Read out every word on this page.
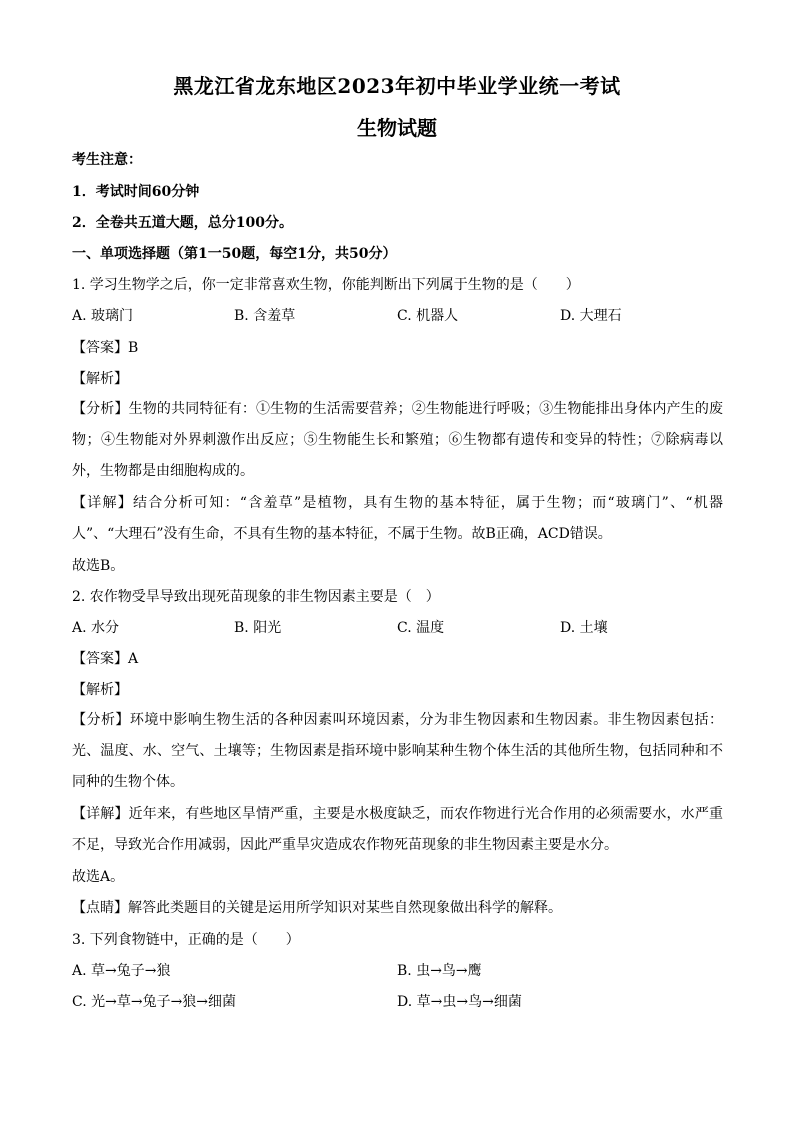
黑龙江省龙东地区2023年初中毕业学业统一考试
生物试题
考生注意：
1．考试时间60分钟
2．全卷共五道大题，总分100分。
一、单项选择题（第1一50题，每空1分，共50分）
1. 学习生物学之后，你一定非常喜欢生物，你能判断出下列属于生物的是（　　）
A. 玻璃门	B. 含羞草	C. 机器人	D. 大理石
【答案】B
【解析】
【分析】生物的共同特征有：①生物的生活需要营养；②生物能进行呼吸；③生物能排出身体内产生的废物；④生物能对外界刺激作出反应；⑤生物能生长和繁殖；⑥生物都有遗传和变异的特性；⑦除病毒以外，生物都是由细胞构成的。
【详解】结合分析可知：“含羞草”是植物，具有生物的基本特征，属于生物；而“玻璃门”、“机器人”、“大理石”没有生命，不具有生物的基本特征，不属于生物。故B正确，ACD错误。
故选B。
2. 农作物受旱导致出现死苗现象的非生物因素主要是（　）
A. 水分	B. 阳光	C. 温度	D. 土壤
【答案】A
【解析】
【分析】环境中影响生物生活的各种因素叫环境因素，分为非生物因素和生物因素。非生物因素包括：光、温度、水、空气、土壤等；生物因素是指环境中影响某种生物个体生活的其他所生物，包括同种和不同种的生物个体。
【详解】近年来，有些地区旱情严重，主要是水极度缺乏，而农作物进行光合作用的必须需要水，水严重不足，导致光合作用减弱，因此严重旱灾造成农作物死苗现象的非生物因素主要是水分。
故选A。
【点睛】解答此类题目的关键是运用所学知识对某些自然现象做出科学的解释。
3. 下列食物链中，正确的是（　　）
A. 草→兔子→狼	B. 虫→鸟→鹰
C. 光→草→兔子→狼→细菌	D. 草→虫→鸟→细菌
